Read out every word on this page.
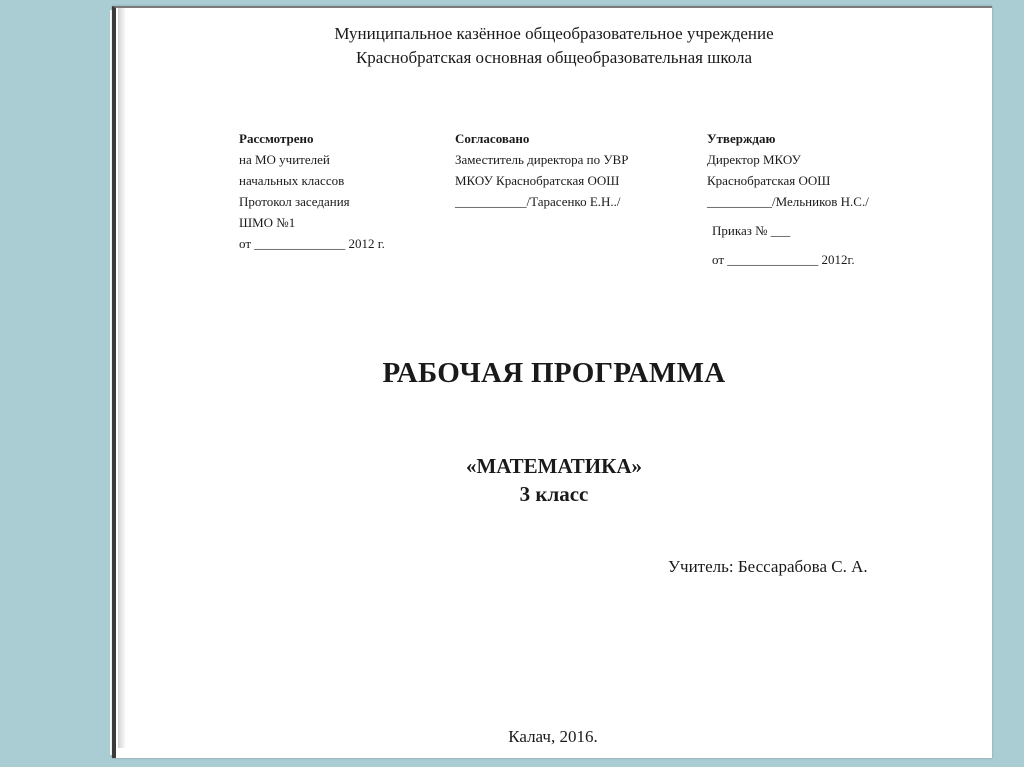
Муниципальное казённое общеобразовательное учреждение
Краснобратская основная общеобразовательная школа
Рассмотрено
на МО учителей
начальных классов
Протокол заседания
ШМО №1
от ______________ 2012 г.
Согласовано
Заместитель директора по УВР
МКОУ Краснобратская ООШ
___________/Тарасенко Е.Н../
Утверждаю
Директор МКОУ
Краснобратская ООШ
__________/Мельников Н.С./
Приказ № ___
от ______________ 2012г.
РАБОЧАЯ ПРОГРАММА
«МАТЕМАТИКА»
3 класс
Учитель: Бессарабова С. А.
Калач, 2016.
